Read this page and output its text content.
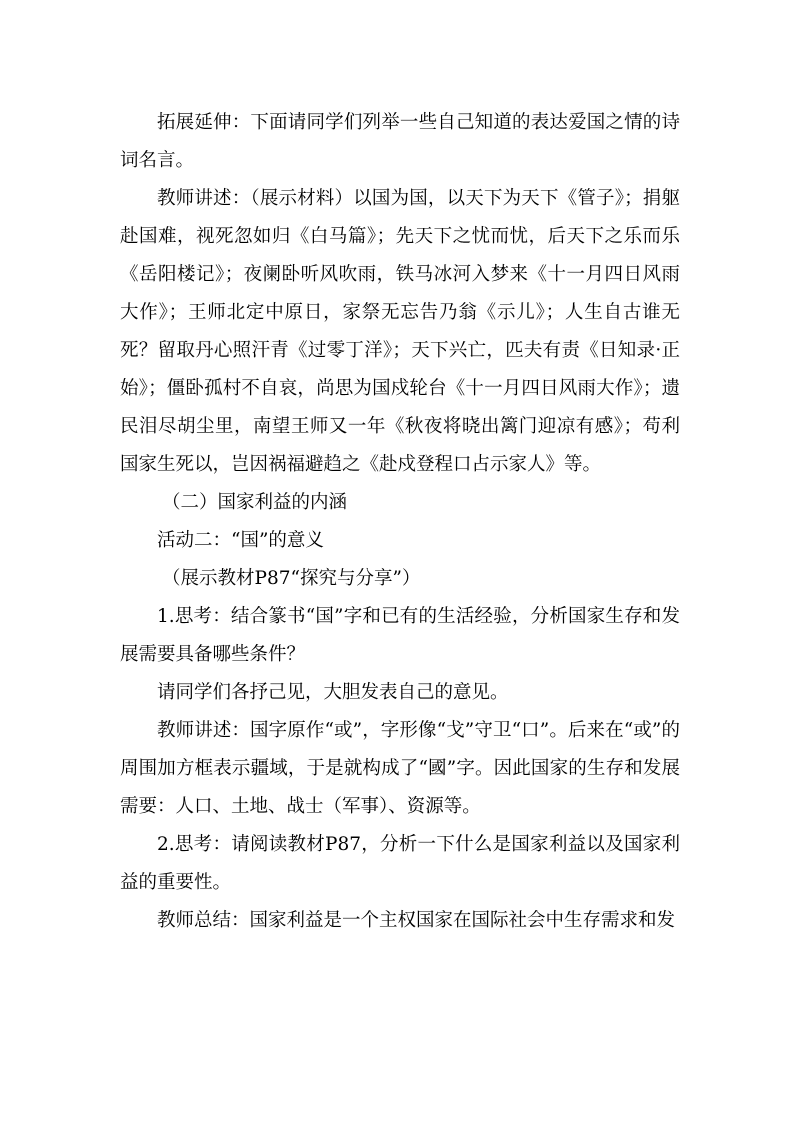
拓展延伸：下面请同学们列举一些自己知道的表达爱国之情的诗词名言。

教师讲述：（展示材料）以国为国，以天下为天下《管子》；捐躯赴国难，视死忽如归《白马篇》；先天下之忧而忧，后天下之乐而乐《岳阳楼记》；夜阑卧听风吹雨，铁马冰河入梦来《十一月四日风雨大作》；王师北定中原日，家祭无忘告乃翁《示儿》；人生自古谁无死？留取丹心照汗青《过零丁洋》；天下兴亡，匹夫有责《日知录·正始》；僵卧孤村不自哀，尚思为国戍轮台《十一月四日风雨大作》；遗民泪尽胡尘里，南望王师又一年《秋夜将晓出篱门迎凉有感》；苟利国家生死以，岂因祸福避趋之《赴戍登程口占示家人》等。

（二）国家利益的内涵

活动二：“国”的意义

（展示教材P87“探究与分享”）

1.思考：结合篆书“国”字和已有的生活经验，分析国家生存和发展需要具备哪些条件？

请同学们各抒己见，大胆发表自己的意见。

教师讲述：国字原作“或”，字形像“戈”守卫“口”。后来在“或”的周围加方框表示疆域，于是就构成了“國”字。因此国家的生存和发展需要：人口、土地、战士（军事）、资源等。

2.思考：请阅读教材P87，分析一下什么是国家利益以及国家利益的重要性。

教师总结：国家利益是一个主权国家在国际社会中生存需求和发
